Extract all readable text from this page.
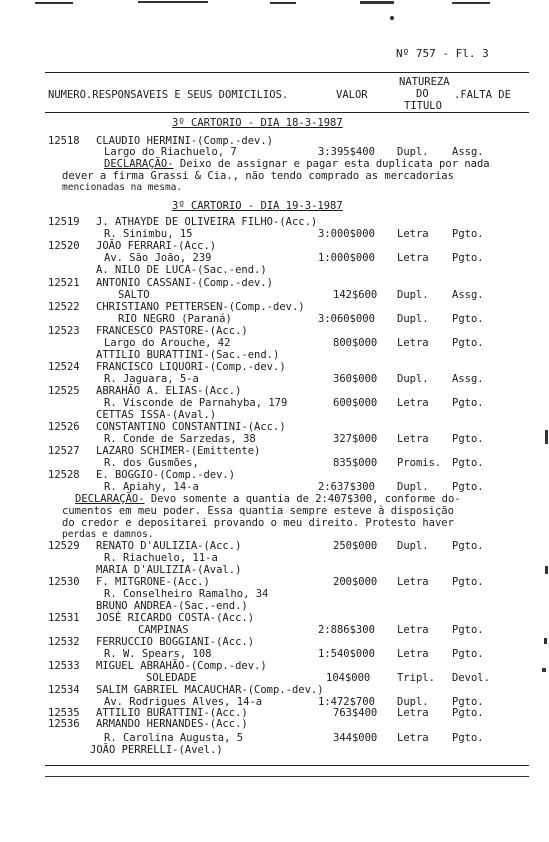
Nº 757 - Fl. 3
NUMERO.RESPONSAVEIS E SEUS DOMICILIOS.	VALOR
NATUREZA
DO
TITULO
.FALTA DE
3º CARTORIO - DIA 18-3-1987
12518 CLAUDIO HERMINI-(Comp.-dev.)
Largo do Riachuelo, 7	3:395$400 Dupl. Assg.
DECLARAÇÃO- Deixo de assignar e pagar esta duplicata por nada
dever a firma Grassi & Cia., não tendo comprado as mercadorias
mencionadas na mesma.
3º CARTORIO - DIA 19-3-1987
12519 J. ATHAYDE DE OLIVEIRA FILHO-(Acc.)
R. Sinimbu, 15	3:000$000 Letra Pgto.
12520 JOÃO FERRARI-(Acc.)
Av. São João, 239	1:000$000 Letra Pgto.
A. NILO DE LUCA-(Sac.-end.)
12521 ANTONIO CASSANI-(Comp.-dev.)
SALTO	142$600 Dupl. Assg.
12522 CHRISTIANO PETTERSEN-(Comp.-dev.)
RIO NEGRO (Paraná)	3:060$000 Dupl. Pgto.
12523 FRANCESCO PASTORE-(Acc.)
Largo do Arouche, 42	800$000 Letra Pgto.
ATTILIO BURATTINI-(Sac.-end.)
12524 FRANCISCO LIQUORI-(Comp.-dev.)
R. Jaguara, 5-a	360$000 Dupl. Assg.
12525 ABRAHÃO A. ELIAS-(Acc.)
R. Visconde de Parnahyba, 179	600$000 Letra Pgto.
CETTAS ISSA-(Aval.)
12526 CONSTANTINO CONSTANTINI-(Acc.)
R. Conde de Sarzedas, 38	327$000 Letra Pgto.
12527 LAZARO SCHIMER-(Emittente)
R. dos Gusmões,	835$000 Promis. Pgto.
12528 E. BOGGIO-(Comp.-dev.)
R. Apiahy, 14-a	2:637$300 Dupl. Pgto.
DECLARAÇÃO- Devo somente a quantia de 2:407$300, conforme do-
cumentos em meu poder. Essa quantia sempre esteve à disposição
do credor e depositarei provando o meu direito. Protesto haver
perdas e damnos.
12529 RENATO D'AULIZIA-(Acc.)	250$000 Dupl. Pgto.
R. Riachuelo, 11-a
MARIA D'AULIZIA-(Aval.)
12530 F. MITGRONE-(Acc.)	200$000 Letra Pgto.
R. Conselheiro Ramalho, 34
BRUNO ANDREA-(Sac.-end.)
12531 JOSÉ RICARDO COSTA-(Acc.)
CAMPINAS	2:886$300 Letra Pgto.
12532 FERRUCCIO BOGGIANI-(Acc.)
R. W. Spears, 108	1:540$000 Letra Pgto.
12533 MIGUEL ABRAHÃO-(Comp.-dev.)
SOLEDADE	104$000	Tripl. Devol.
12534 SALIM GABRIEL MACAUCHAR-(Comp.-dev.)
Av. Rodrigues Alves, 14-a	1:472$700 Dupl. Pgto.
12535 ATTILIO BURATTINI-(Acc.)	763$400 Letra Pgto.
12536 ARMANDO HERNANDES-(Acc.)
R. Carolina Augusta, 5	344$000 Letra Pgto.
JOÃO PERRELLI-(Avel.)
